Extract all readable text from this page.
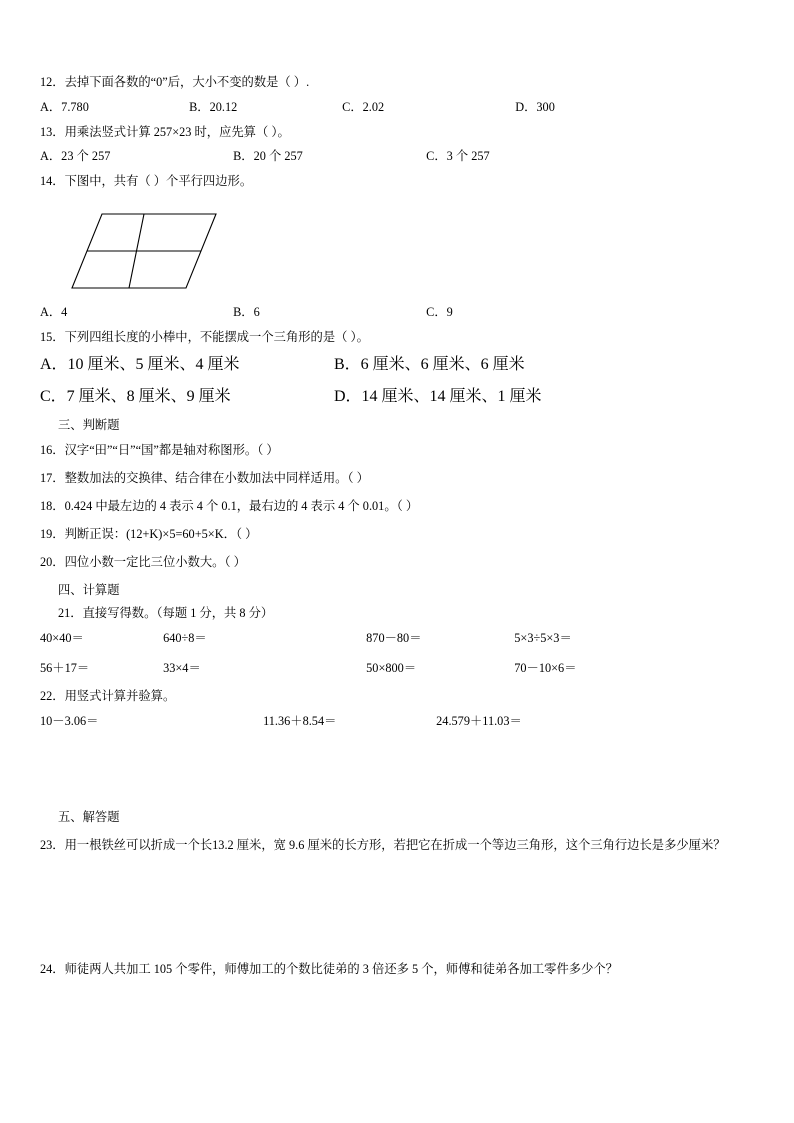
12．去掉下面各数的“0”后，大小不变的数是（ ）.
A．7.780	B．20.12	C．2.02	D．300
13．用乘法竖式计算 257×23 时，应先算（ ）。
A．23 个 257	B．20 个 257	C．3 个 257
14．下图中，共有（ ）个平行四边形。
A．4	B．6	C．9
15．下列四组长度的小棒中，不能摆成一个三角形的是（ ）。
A．10 厘米、5 厘米、4 厘米	B．6 厘米、6 厘米、6 厘米
C．7 厘米、8 厘米、9 厘米	D．14 厘米、14 厘米、1 厘米
三、判断题
16．汉字“田”“日”“国”都是轴对称图形。（ ）
17．整数加法的交换律、结合律在小数加法中同样适用。（ ）
18．0.424 中最左边的 4 表示 4 个 0.1，最右边的 4 表示 4 个 0.01。（ ）
19．判断正误：(12+K)×5=60+5×K．（ ）
20．四位小数一定比三位小数大。（ ）
四、计算题
21．直接写得数。（每题 1 分，共 8 分）
40×40＝	640÷8＝	870－80＝	5×3÷5×3＝
56＋17＝	33×4＝	50×800＝	70－10×6＝
22．用竖式计算并验算。
10－3.06＝	11.36＋8.54＝	24.579＋11.03＝
五、解答题
23．用一根铁丝可以折成一个长13.2 厘米，宽 9.6 厘米的长方形，若把它在折成一个等边三角形，这个三角行边长是多少厘米？
24．师徒两人共加工 105 个零件，师傅加工的个数比徒弟的 3 倍还多 5 个，师傅和徒弟各加工零件多少个？
